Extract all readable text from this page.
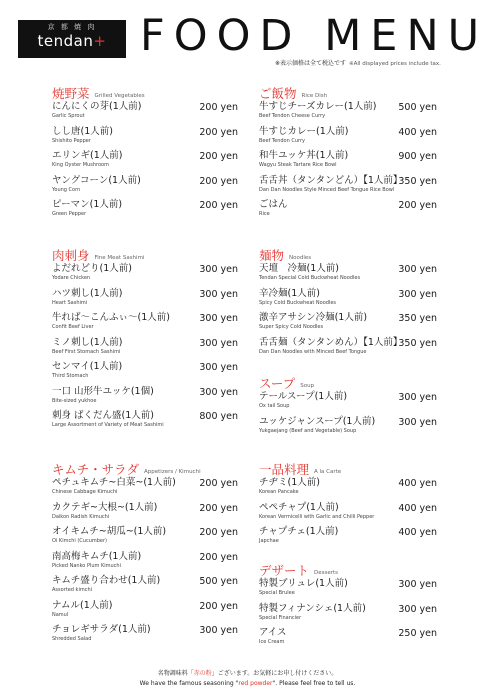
京 都 焼 肉
tendan+ FOOD MENU
※表示価格は全て税込です ※All displayed prices include tax.
焼野菜 Grilled Vegetables
にんにくの芽(1人前)
Garlic Sprout
200 yen
しし唐(1人前)
Shishito Pepper
200 yen
エリンギ(1人前)
King Oyster Mushroom
200 yen
ヤングコーン(1人前)
Young Corn
200 yen
ピーマン(1人前)
Green Pepper
200 yen
肉刺身 Fine Meat Sashimi
よだれどり(1人前)
Yodare Chicken
300 yen
ハツ刺し(1人前)
Heart Sashimi
300 yen
牛れば～こんふぃ～(1人前)
Confit Beef Liver
300 yen
ミノ刺し(1人前)
Beef First Stomach Sashimi
300 yen
センマイ(1人前)
Third Stomach
300 yen
一口 山形牛ユッケ(1個)
Bite-sized yukhoe
300 yen
刺身 ばくだん盛(1人前)
Large Assortment of Variety of Meat Sashimi
800 yen
キムチ・サラダ Appetizers / Kimuchi
ペチュキムチ~白菜~(1人前)
Chinese Cabbage Kimuchi
200 yen
カクテギ~大根~(1人前)
Daikon Radish Kimuchi
200 yen
オイキムチ~胡瓜~(1人前)
Oi Kimchi (Cucumber)
200 yen
南高梅キムチ(1人前)
Picked Nanko Plum Kimuchi
200 yen
キムチ盛り合わせ(1人前)
Assorted kimchi
500 yen
ナムル(1人前)
Namul
200 yen
チョレギサラダ(1人前)
Shredded Salad
300 yen
ご飯物 Rice Dish
牛すじチーズカレー(1人前)
Beef Tendon Cheese Curry
500 yen
牛すじカレー(1人前)
Beef Tendon Curry
400 yen
和牛ユッケ丼(1人前)
Wagyu Steak Tartare Rice Bowl
900 yen
舌舌丼（タンタンどん）【1人前】
Dan Dan Noodles Style Minced Beef Tongue Rice Bowl
350 yen
ごはん
Rice
200 yen
麺物 Noodles
天壇　冷麺(1人前)
Tendan Special Cold Buckwheat Noodles
300 yen
辛冷麺(1人前)
Spicy Cold Buckwheat Noodles
300 yen
激辛アサシン冷麺(1人前)
Super Spicy Cold Noodles
350 yen
舌舌麺（タンタンめん）【1人前】
Dan Dan Noodles with Minced Beef Tongue
350 yen
スープ Soup
テールスープ(1人前)
Ox tail Soup
300 yen
ユッケジャンスープ(1人前)
Yukgaejang (Beef and Vegetable) Soup
300 yen
一品料理 A la Carte
チヂミ(1人前)
Korean Pancake
400 yen
ペペチャプ(1人前)
Korean Vermicelli with Garlic and Chilli Pepper
400 yen
チャプチェ(1人前)
Japchae
400 yen
デザート Desserts
特製ブリュレ(1人前)
Special Brulee
300 yen
特製フィナンシェ(1人前)
Special Financier
300 yen
アイス
Ice Cream
250 yen
名物調味料「赤の粉」ございます。お気軽にお申し付けください。
We have the famous seasoning "red powder". Please feel free to tell us.
